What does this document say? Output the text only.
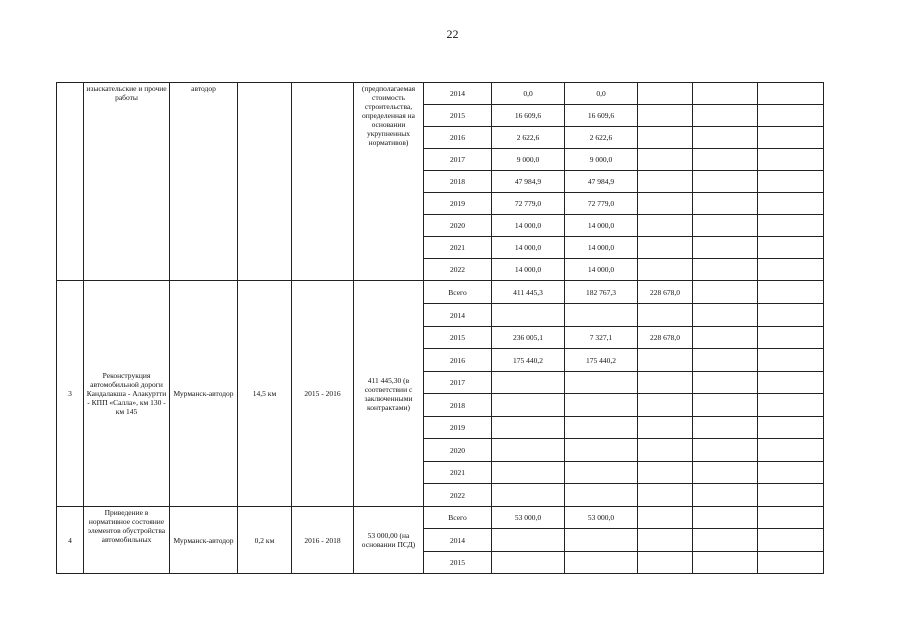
22
	изыскательские и прочие работы	автодор			(предполагаемая стоимость строительства, определенная на основании укрупненных нормативов)	2014	0,0	0,0			
						2015	16 609,6	16 609,6			
						2016	2 622,6	2 622,6			
						2017	9 000,0	9 000,0			
						2018	47 984,9	47 984,9			
						2019	72 779,0	72 779,0			
						2020	14 000,0	14 000,0			
						2021	14 000,0	14 000,0			
						2022	14 000,0	14 000,0			
3	Реконструкция автомобильной дороги Кандалакша - Алакуртти - КПП «Салла», км 130 - км 145	Мурманск-автодор	14,5 км	2015 - 2016	411 445,30 (в соответствии с заключенными контрактами)	Всего	411 445,3	182 767,3	228 678,0		
						2014					
						2015	236 005,1	7 327,1	228 678,0		
						2016	175 440,2	175 440,2			
						2017					
						2018					
						2019					
						2020					
						2021					
						2022					
4	Приведение в нормативное состояние элементов обустройства автомобильных	Мурманск-автодор	0,2 км	2016 - 2018	53 000,00 (на основании ПСД)	Всего	53 000,0	53 000,0			
						2014					
						2015					
